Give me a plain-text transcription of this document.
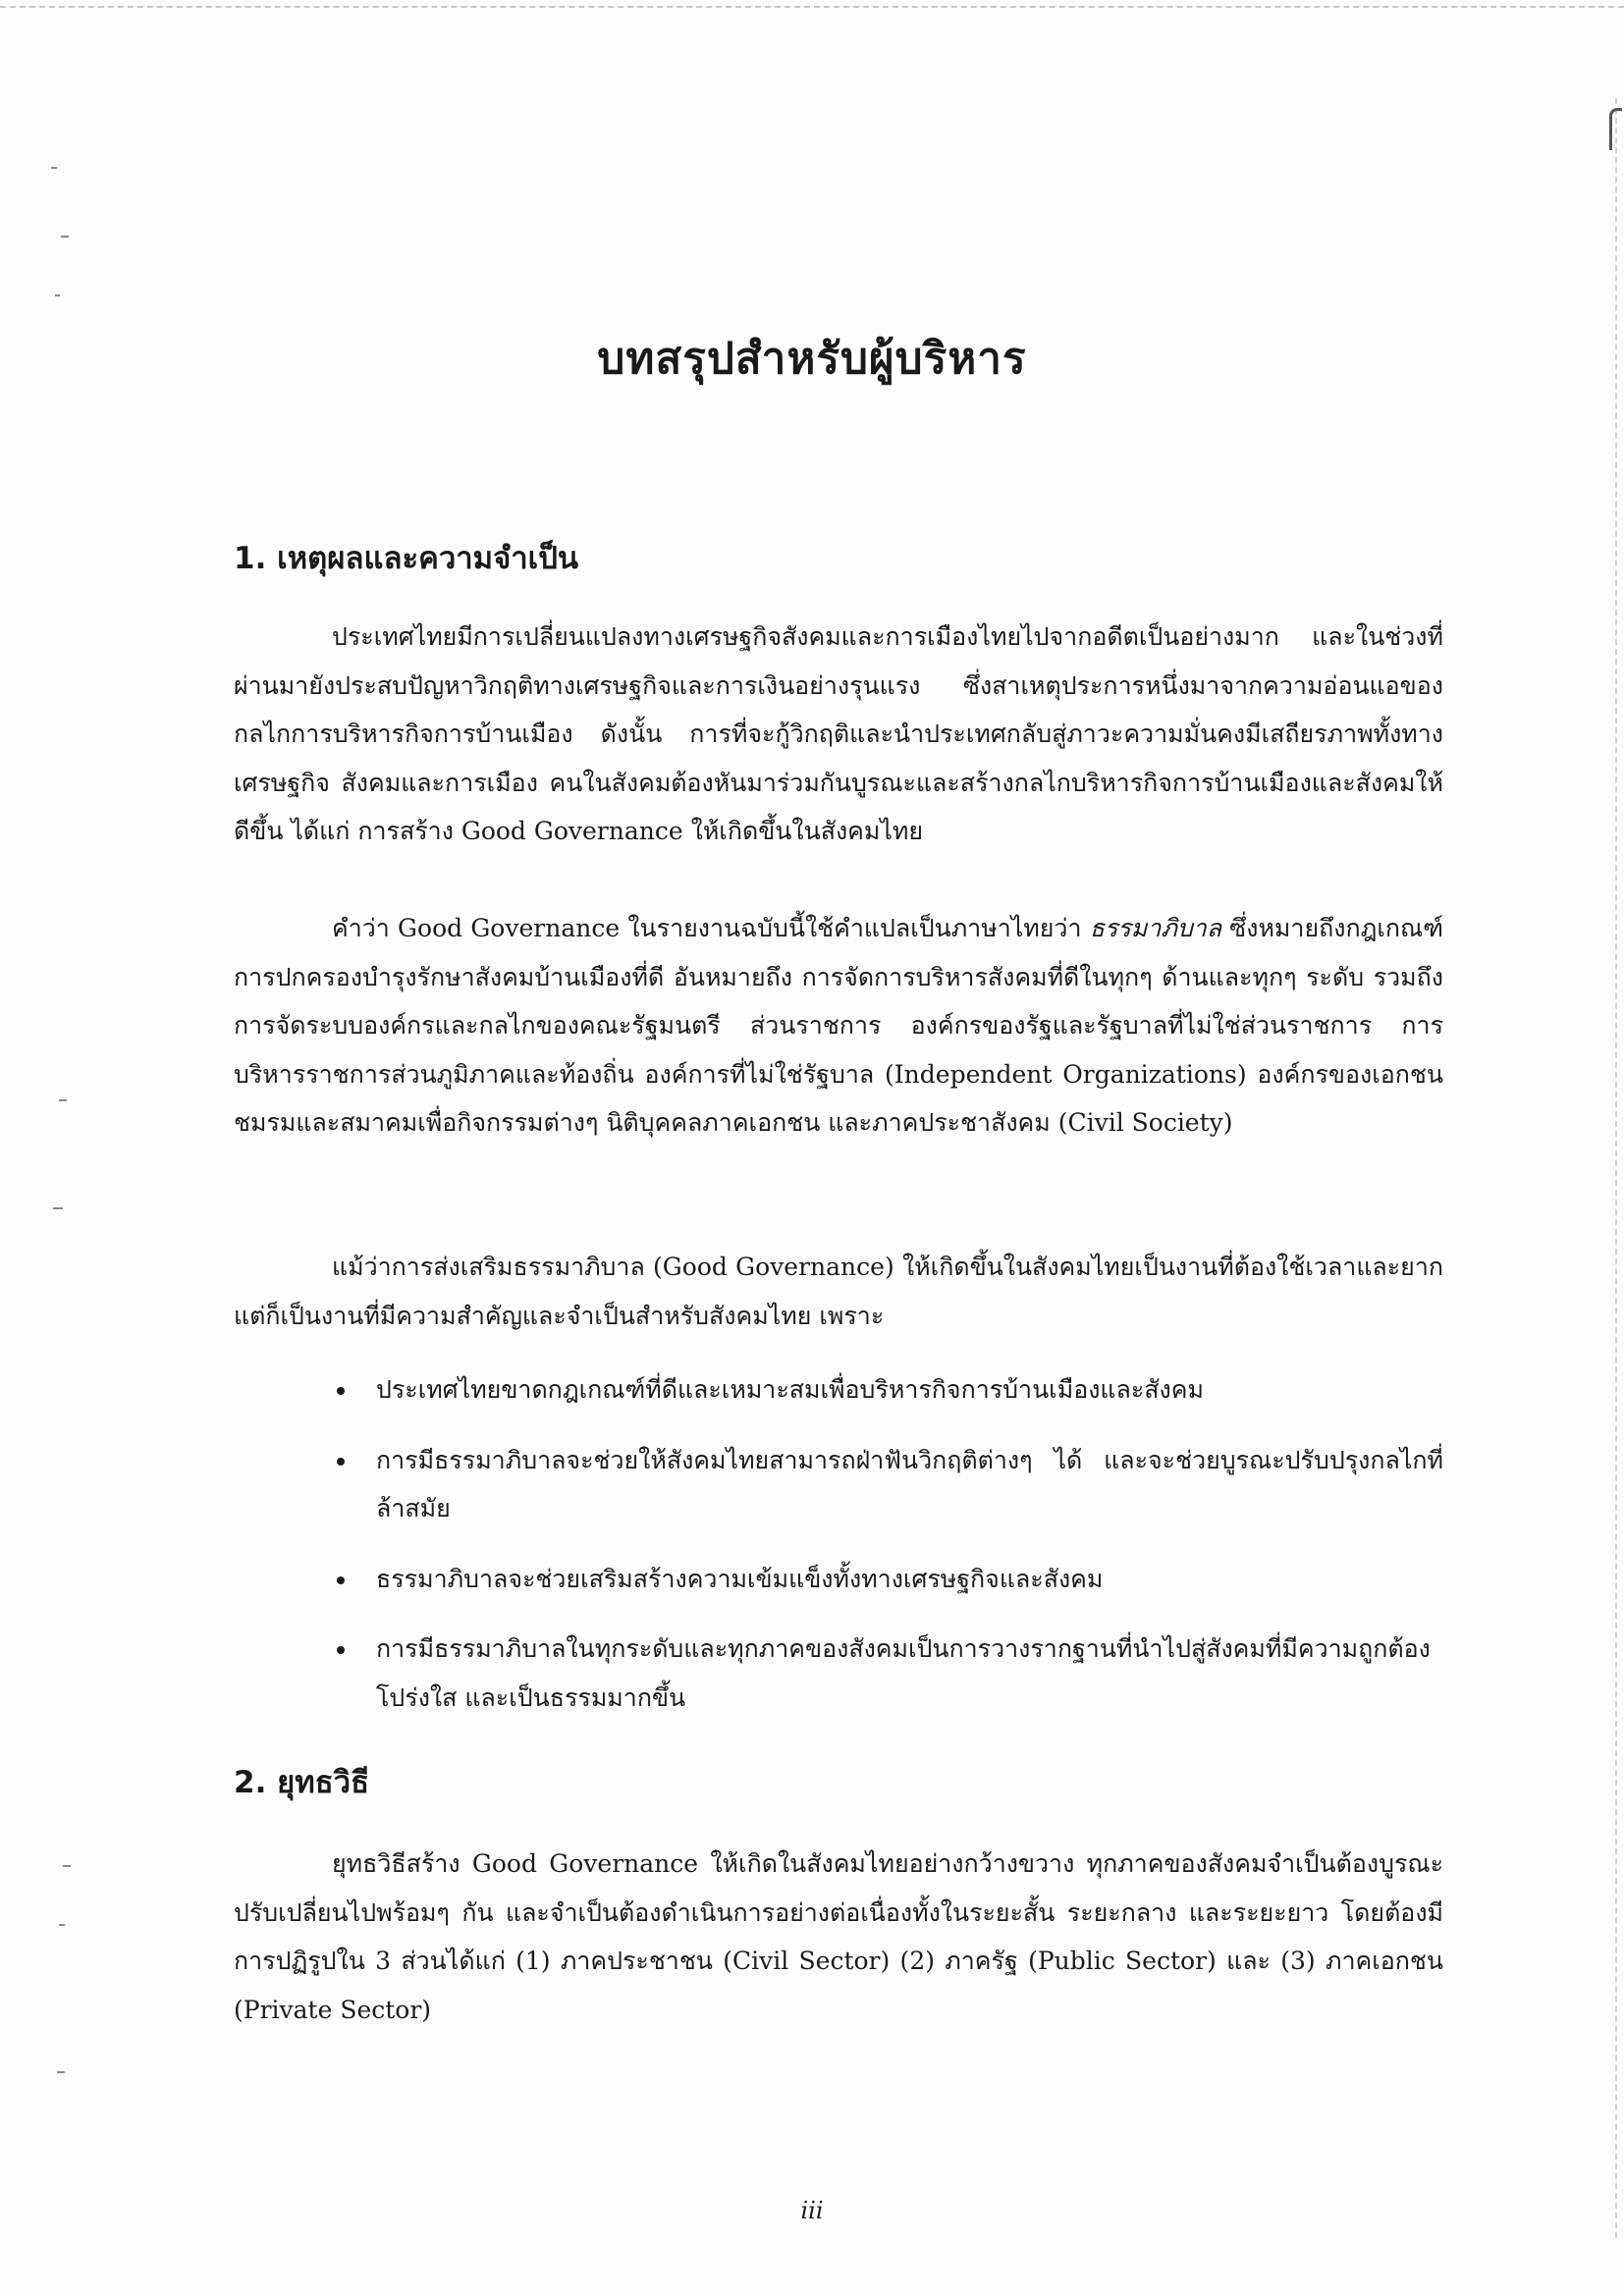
บทสรุปสำหรับผู้บริหาร
1. เหตุผลและความจำเป็น

ประเทศไทยมีการเปลี่ยนแปลงทางเศรษฐกิจสังคมและการเมืองไทยไปจากอดีตเป็นอย่างมาก และในช่วงที่ผ่านมายังประสบปัญหาวิกฤติทางเศรษฐกิจและการเงินอย่างรุนแรง ซึ่งสาเหตุประการหนึ่งมาจากความอ่อนแอของกลไกการบริหารกิจการบ้านเมือง ดังนั้น การที่จะกู้วิกฤติและนำประเทศกลับสู่ภาวะความมั่นคงมีเสถียรภาพทั้งทางเศรษฐกิจ สังคมและการเมือง คนในสังคมต้องหันมาร่วมกันบูรณะและสร้างกลไกบริหารกิจการบ้านเมืองและสังคมให้ดีขึ้น ได้แก่ การสร้าง Good Governance ให้เกิดขึ้นในสังคมไทย

คำว่า Good Governance ในรายงานฉบับนี้ใช้คำแปลเป็นภาษาไทยว่า ธรรมาภิบาล ซึ่งหมายถึงกฎเกณฑ์การปกครองบำรุงรักษาสังคมบ้านเมืองที่ดี อันหมายถึง การจัดการบริหารสังคมที่ดีในทุกๆ ด้านและทุกๆ ระดับ รวมถึงการจัดระบบองค์กรและกลไกของคณะรัฐมนตรี ส่วนราชการ องค์กรของรัฐและรัฐบาลที่ไม่ใช่ส่วนราชการ การบริหารราชการส่วนภูมิภาคและท้องถิ่น องค์การที่ไม่ใช่รัฐบาล (Independent Organizations) องค์กรของเอกชน ชมรมและสมาคมเพื่อกิจกรรมต่างๆ นิติบุคคลภาคเอกชน และภาคประชาสังคม (Civil Society)

แม้ว่าการส่งเสริมธรรมาภิบาล (Good Governance) ให้เกิดขึ้นในสังคมไทยเป็นงานที่ต้องใช้เวลาและยาก แต่ก็เป็นงานที่มีความสำคัญและจำเป็นสำหรับสังคมไทย เพราะ

ประเทศไทยขาดกฎเกณฑ์ที่ดีและเหมาะสมเพื่อบริหารกิจการบ้านเมืองและสังคม
การมีธรรมาภิบาลจะช่วยให้สังคมไทยสามารถฝ่าฟันวิกฤติต่างๆ ได้ และจะช่วยบูรณะปรับปรุงกลไกที่ล้าสมัย
ธรรมาภิบาลจะช่วยเสริมสร้างความเข้มแข็งทั้งทางเศรษฐกิจและสังคม
การมีธรรมาภิบาลในทุกระดับและทุกภาคของสังคมเป็นการวางรากฐานที่นำไปสู่สังคมที่มีความถูกต้อง โปร่งใส และเป็นธรรมมากขึ้น
2. ยุทธวิธี

ยุทธวิธีสร้าง Good Governance ให้เกิดในสังคมไทยอย่างกว้างขวาง ทุกภาคของสังคมจำเป็นต้องบูรณะปรับเปลี่ยนไปพร้อมๆ กัน และจำเป็นต้องดำเนินการอย่างต่อเนื่องทั้งในระยะสั้น ระยะกลาง และระยะยาว โดยต้องมีการปฏิรูปใน 3 ส่วนได้แก่ (1) ภาคประชาชน (Civil Sector) (2) ภาครัฐ (Public Sector) และ (3) ภาคเอกชน (Private Sector)

iii
